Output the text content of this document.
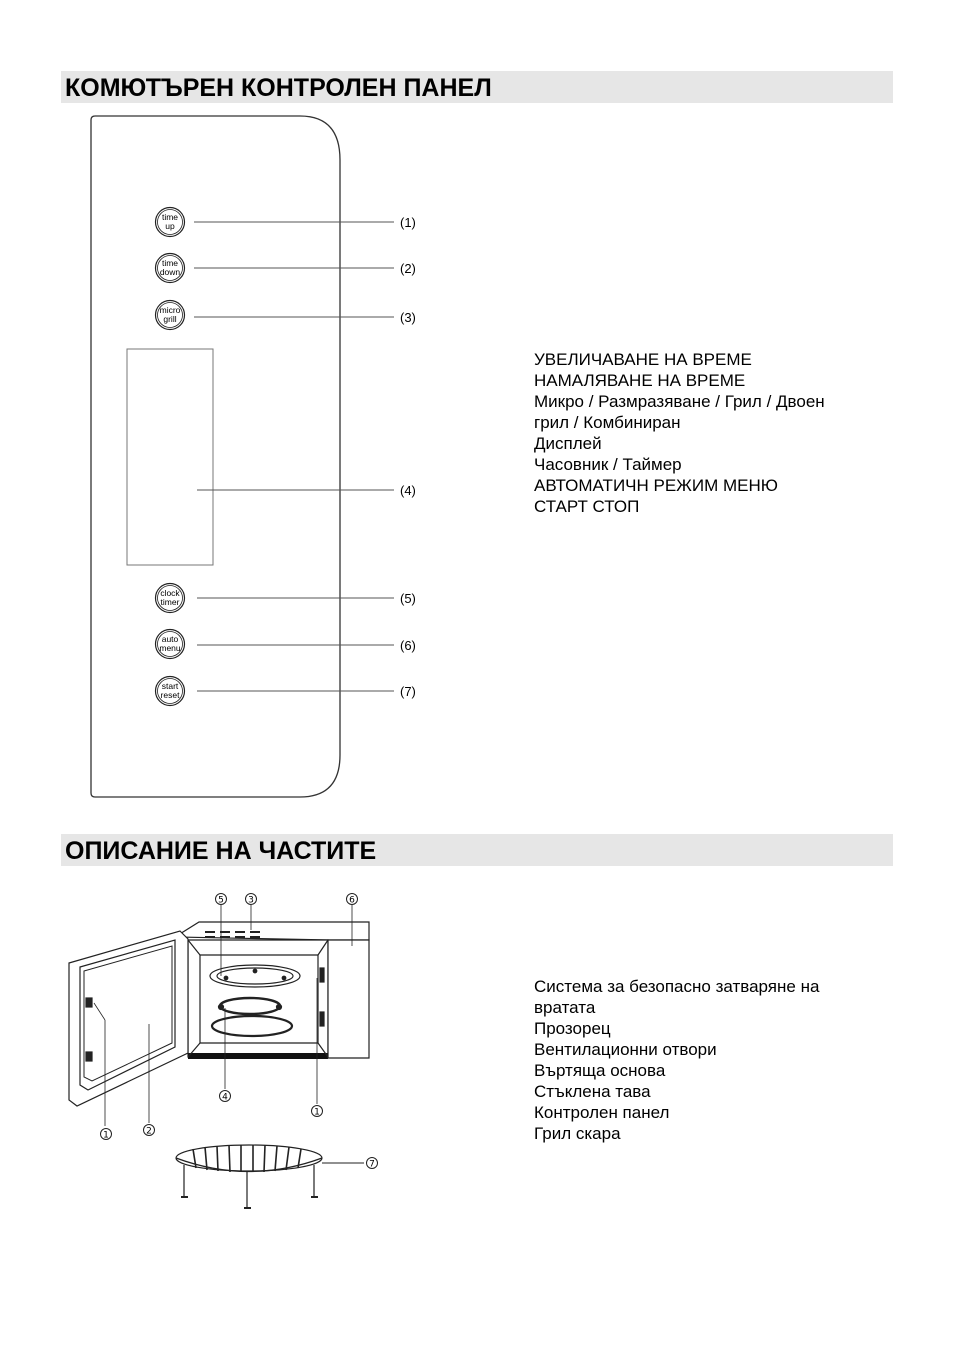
КОМЮТЪРЕН КОНТРОЛЕН ПАНЕЛ
time
up	(1)
time
down	(2)
micro
grill	(3)
(4)
clock
timer	(5)
auto
menu	(6)
start
reset	(7)
5	3	6
4
1
2
1
7
УВЕЛИЧАВАНЕ НА ВРЕМЕ
НАМАЛЯВАНЕ НА ВРЕМЕ
Микро / Размразяване / Грил / Двоен
грил / Комбиниран
Дисплей
Часовник / Таймер
АВТОМАТИЧН РЕЖИМ МЕНЮ
СТАРТ СТОП
ОПИСАНИЕ НА ЧАСТИТЕ
Система за безопасно затваряне на
вратата
Прозорец
Вентилационни отвори
Въртяща основа
Стъклена тава
Контролен панел
Грил скара
